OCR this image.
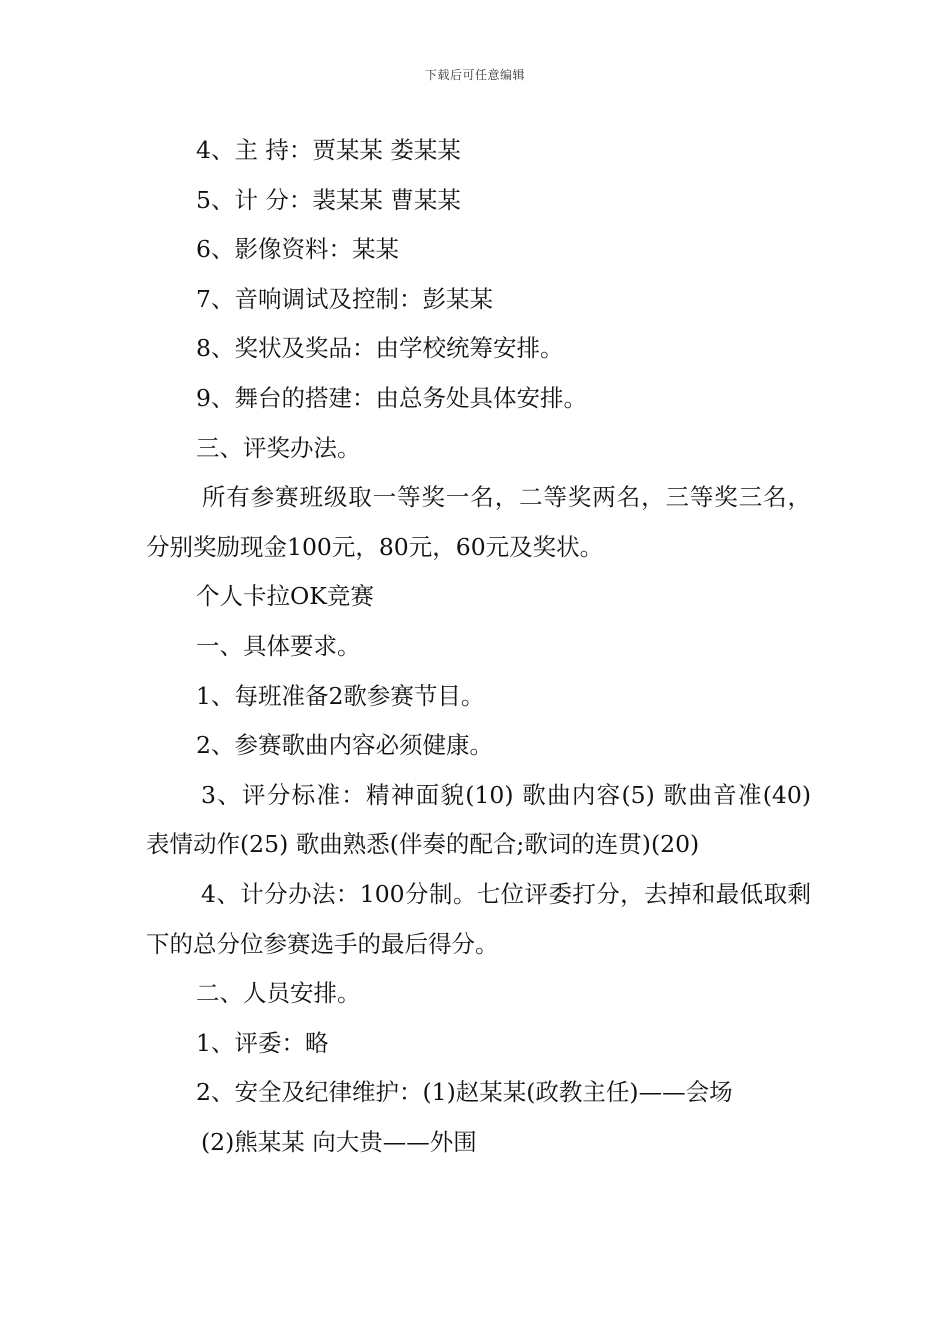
下载后可任意编辑

4、主 持：贾某某 娄某某

5、计 分：裴某某 曹某某

6、影像资料：某某

7、音响调试及控制：彭某某

8、奖状及奖品：由学校统筹安排。

9、舞台的搭建：由总务处具体安排。

三、评奖办法。

所有参赛班级取一等奖一名，二等奖两名，三等奖三名，分别奖励现金100元，80元，60元及奖状。

个人卡拉OK竞赛

一、具体要求。

1、每班准备2歌参赛节目。

2、参赛歌曲内容必须健康。

3、评分标准：精神面貌(10) 歌曲内容(5) 歌曲音准(40) 表情动作(25) 歌曲熟悉(伴奏的配合;歌词的连贯)(20)

4、计分办法：100分制。七位评委打分，去掉和最低取剩下的总分位参赛选手的最后得分。

二、人员安排。

1、评委：略

2、安全及纪律维护：(1)赵某某(政教主任)——会场

(2)熊某某 向大贵——外围
